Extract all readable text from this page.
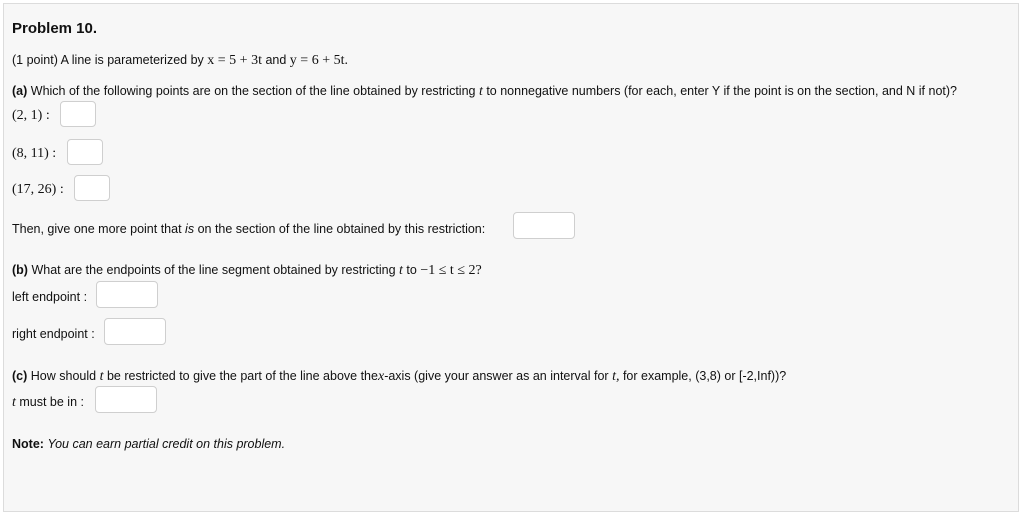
Problem 10.
(1 point) A line is parameterized by x = 5 + 3t and y = 6 + 5t.
(a) Which of the following points are on the section of the line obtained by restricting t to nonnegative numbers (for each, enter Y if the point is on the section, and N if not)?
(2, 1) :
(8, 11) :
(17, 26) :
Then, give one more point that is on the section of the line obtained by this restriction:
(b) What are the endpoints of the line segment obtained by restricting t to −1 ≤ t ≤ 2?
left endpoint :
right endpoint :
(c) How should t be restricted to give the part of the line above thex-axis (give your answer as an interval for t, for example, (3,8) or [-2,Inf))?
t must be in :
Note: You can earn partial credit on this problem.
